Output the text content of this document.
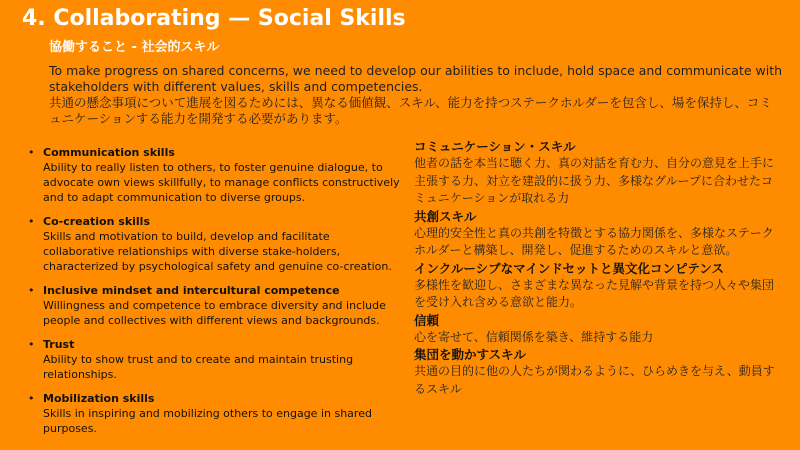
4. Collaborating — Social Skills
協働すること - 社会的スキル

To make progress on shared concerns, we need to develop our abilities to include, hold space and communicate with stakeholders with different values, skills and competencies.

共通の懸念事項について進展を図るためには、異なる価値観、スキル、能力を持つステークホルダーを包含し、場を保持し、コミュニケーションする能力を開発する必要があります。

• Communication skills
Ability to really listen to others, to foster genuine dialogue, to advocate own views skillfully, to manage conflicts constructively and to adapt communication to diverse groups.
• Co-creation skills
Skills and motivation to build, develop and facilitate collaborative relationships with diverse stake-holders, characterized by psychological safety and genuine co-creation.
• Inclusive mindset and intercultural competence
Willingness and competence to embrace diversity and include people and collectives with different views and backgrounds.
• Trust
Ability to show trust and to create and maintain trusting relationships.
• Mobilization skills
Skills in inspiring and mobilizing others to engage in shared purposes.
コミュニケーション・スキル
他者の話を本当に聴く力、真の対話を育む力、自分の意見を上手に主張する力、対立を建設的に扱う力、多様なグループに合わせたコミュニケーションが取れる力
共創スキル
心理的安全性と真の共創を特徴とする協力関係を、多様なステークホルダーと構築し、開発し、促進するためのスキルと意欲。
インクルーシブなマインドセットと異文化コンピテンス
多様性を歓迎し、さまざまな異なった見解や背景を持つ人々や集団を受け入れ含める意欲と能力。
信頼
心を寄せて、信頼関係を築き、維持する能力
集団を動かすスキル
共通の目的に他の人たちが関わるように、ひらめきを与え、動員するスキル
